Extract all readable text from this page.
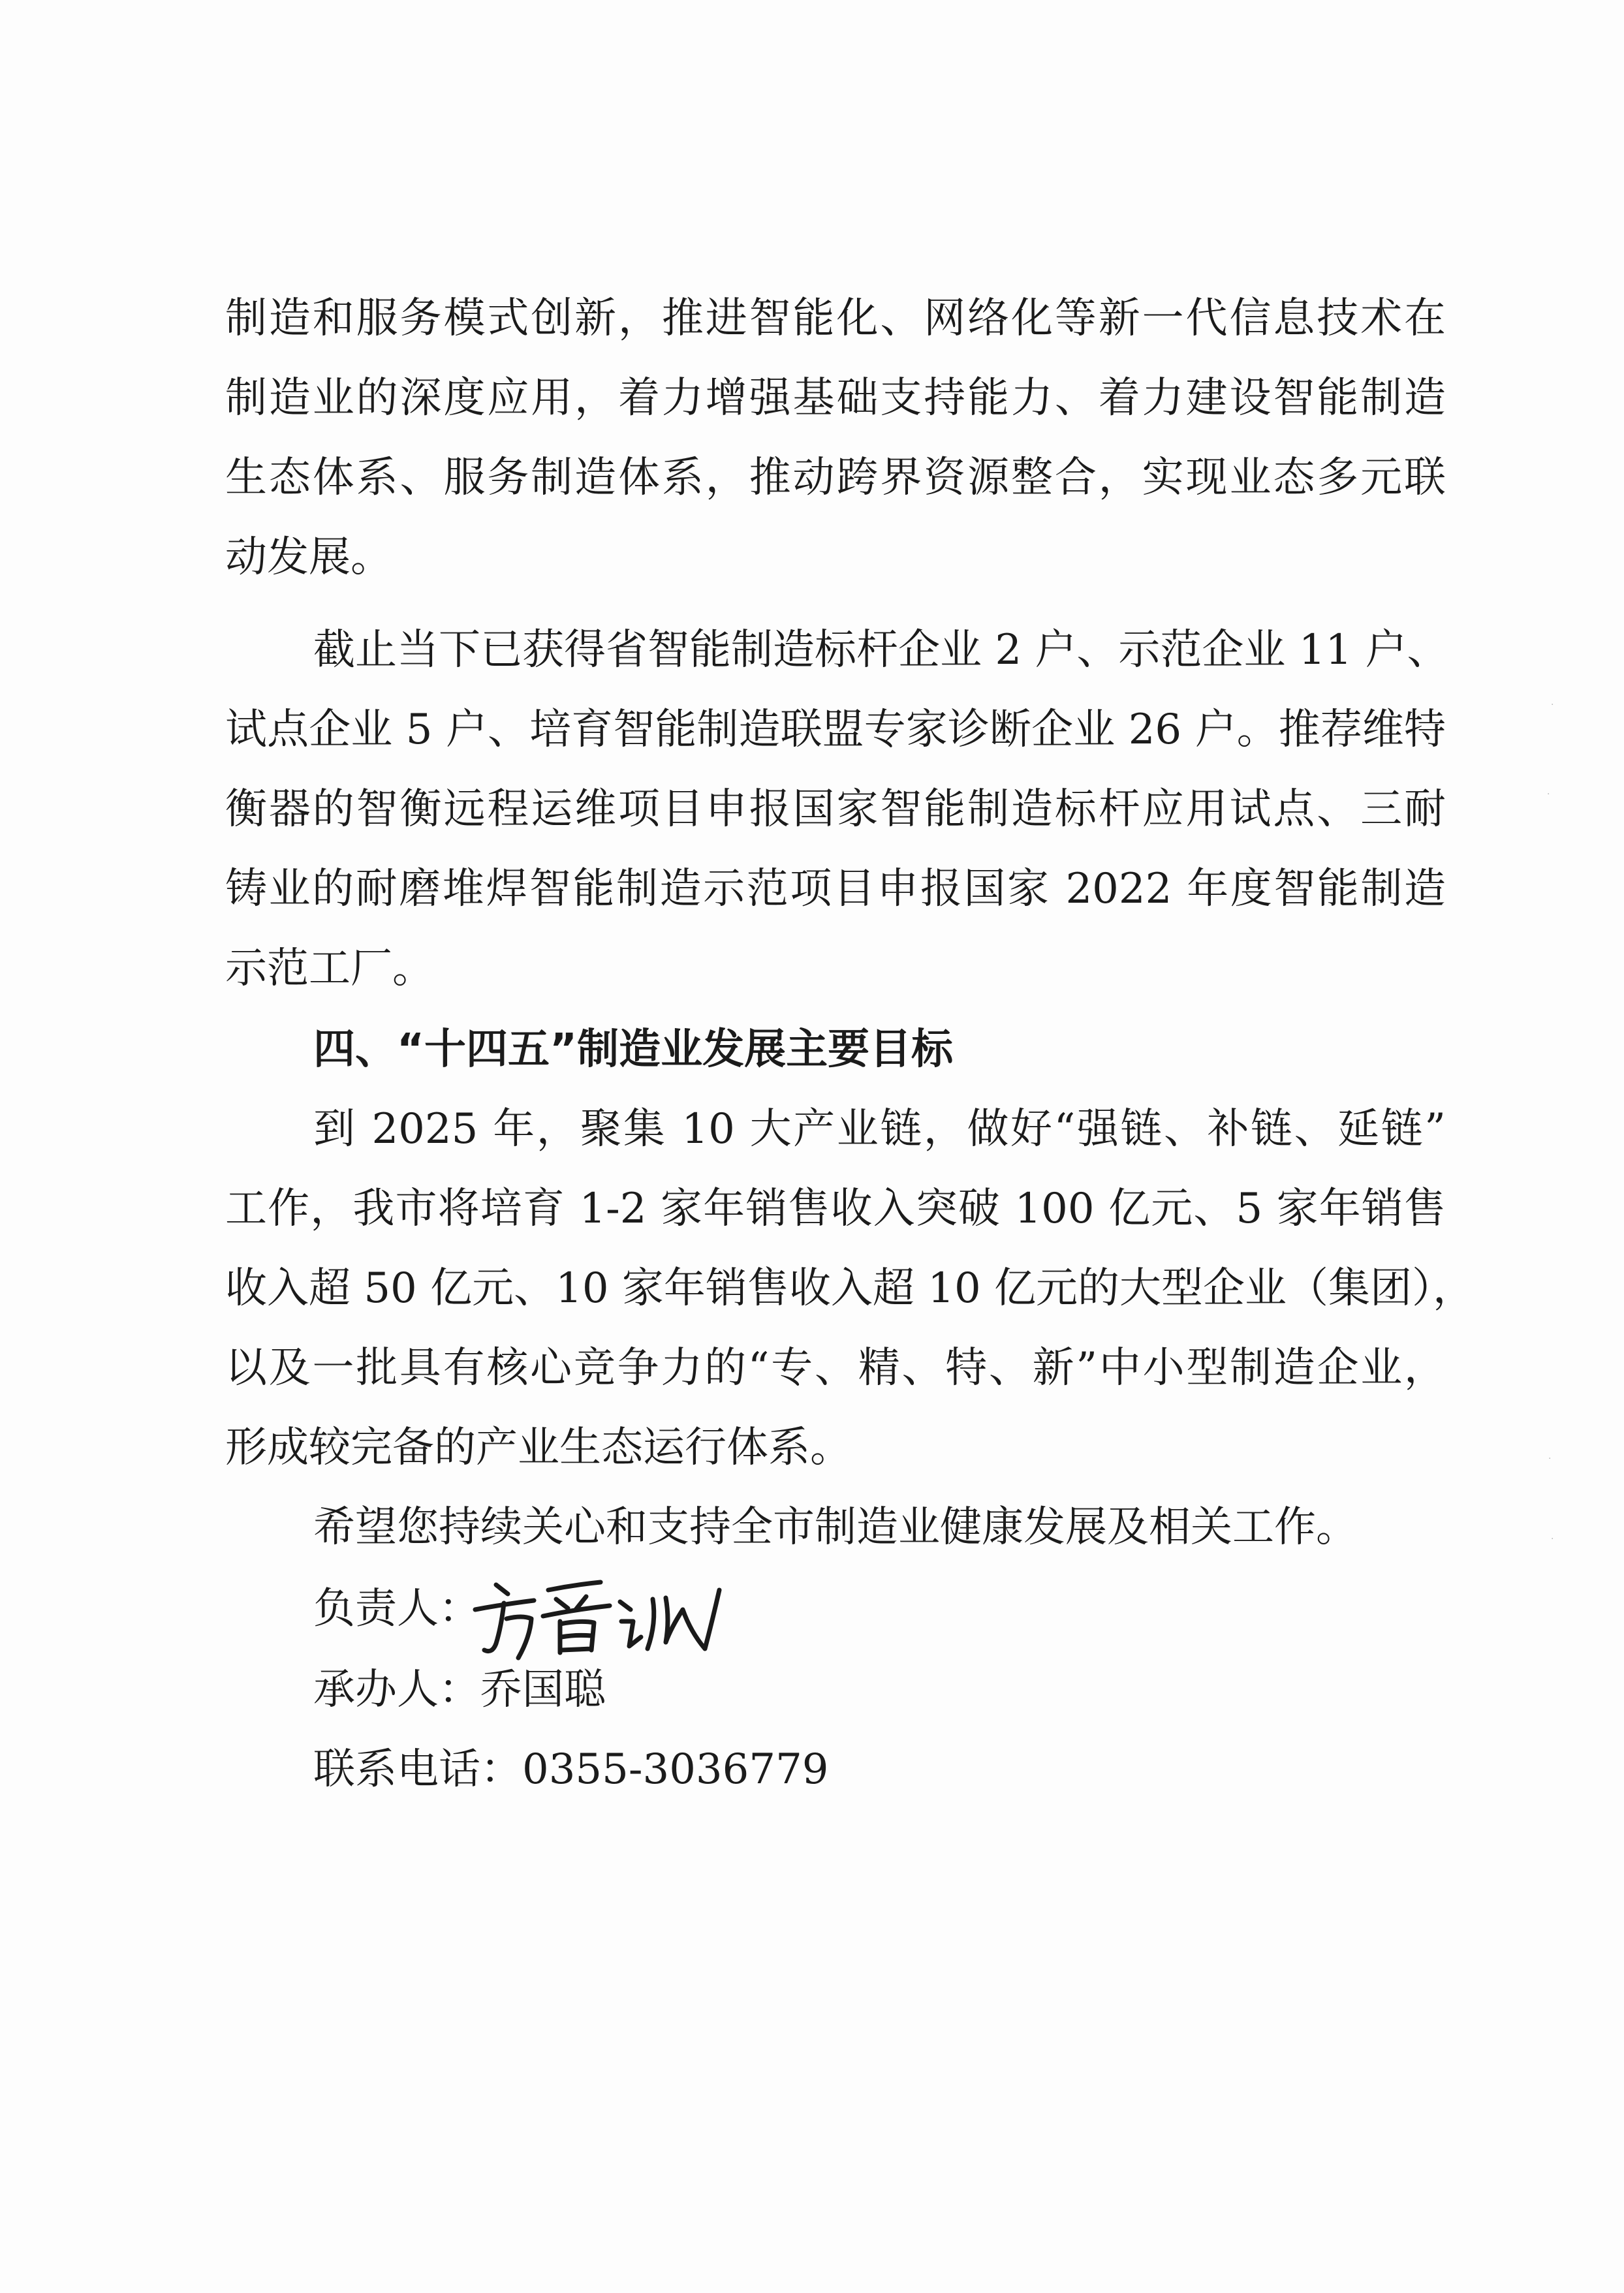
制造和服务模式创新，推进智能化、网络化等新一代信息技术在
制造业的深度应用，着力增强基础支持能力、着力建设智能制造
生态体系、服务制造体系，推动跨界资源整合，实现业态多元联
动发展。
截止当下已获得省智能制造标杆企业 2 户、示范企业 11 户、
试点企业 5 户、培育智能制造联盟专家诊断企业 26 户。推荐维特
衡器的智衡远程运维项目申报国家智能制造标杆应用试点、三耐
铸业的耐磨堆焊智能制造示范项目申报国家 2022 年度智能制造
示范工厂。
四、“十四五”制造业发展主要目标
到 2025 年，聚集 10 大产业链，做好“强链、补链、延链”
工作，我市将培育 1-2 家年销售收入突破 100 亿元、5 家年销售
收入超 50 亿元、10 家年销售收入超 10 亿元的大型企业（集团），
以及一批具有核心竞争力的“专、精、特、新”中小型制造企业，
形成较完备的产业生态运行体系。
希望您持续关心和支持全市制造业健康发展及相关工作。
负责人：
承办人：乔国聪
联系电话：0355-3036779
·
·
·
·
